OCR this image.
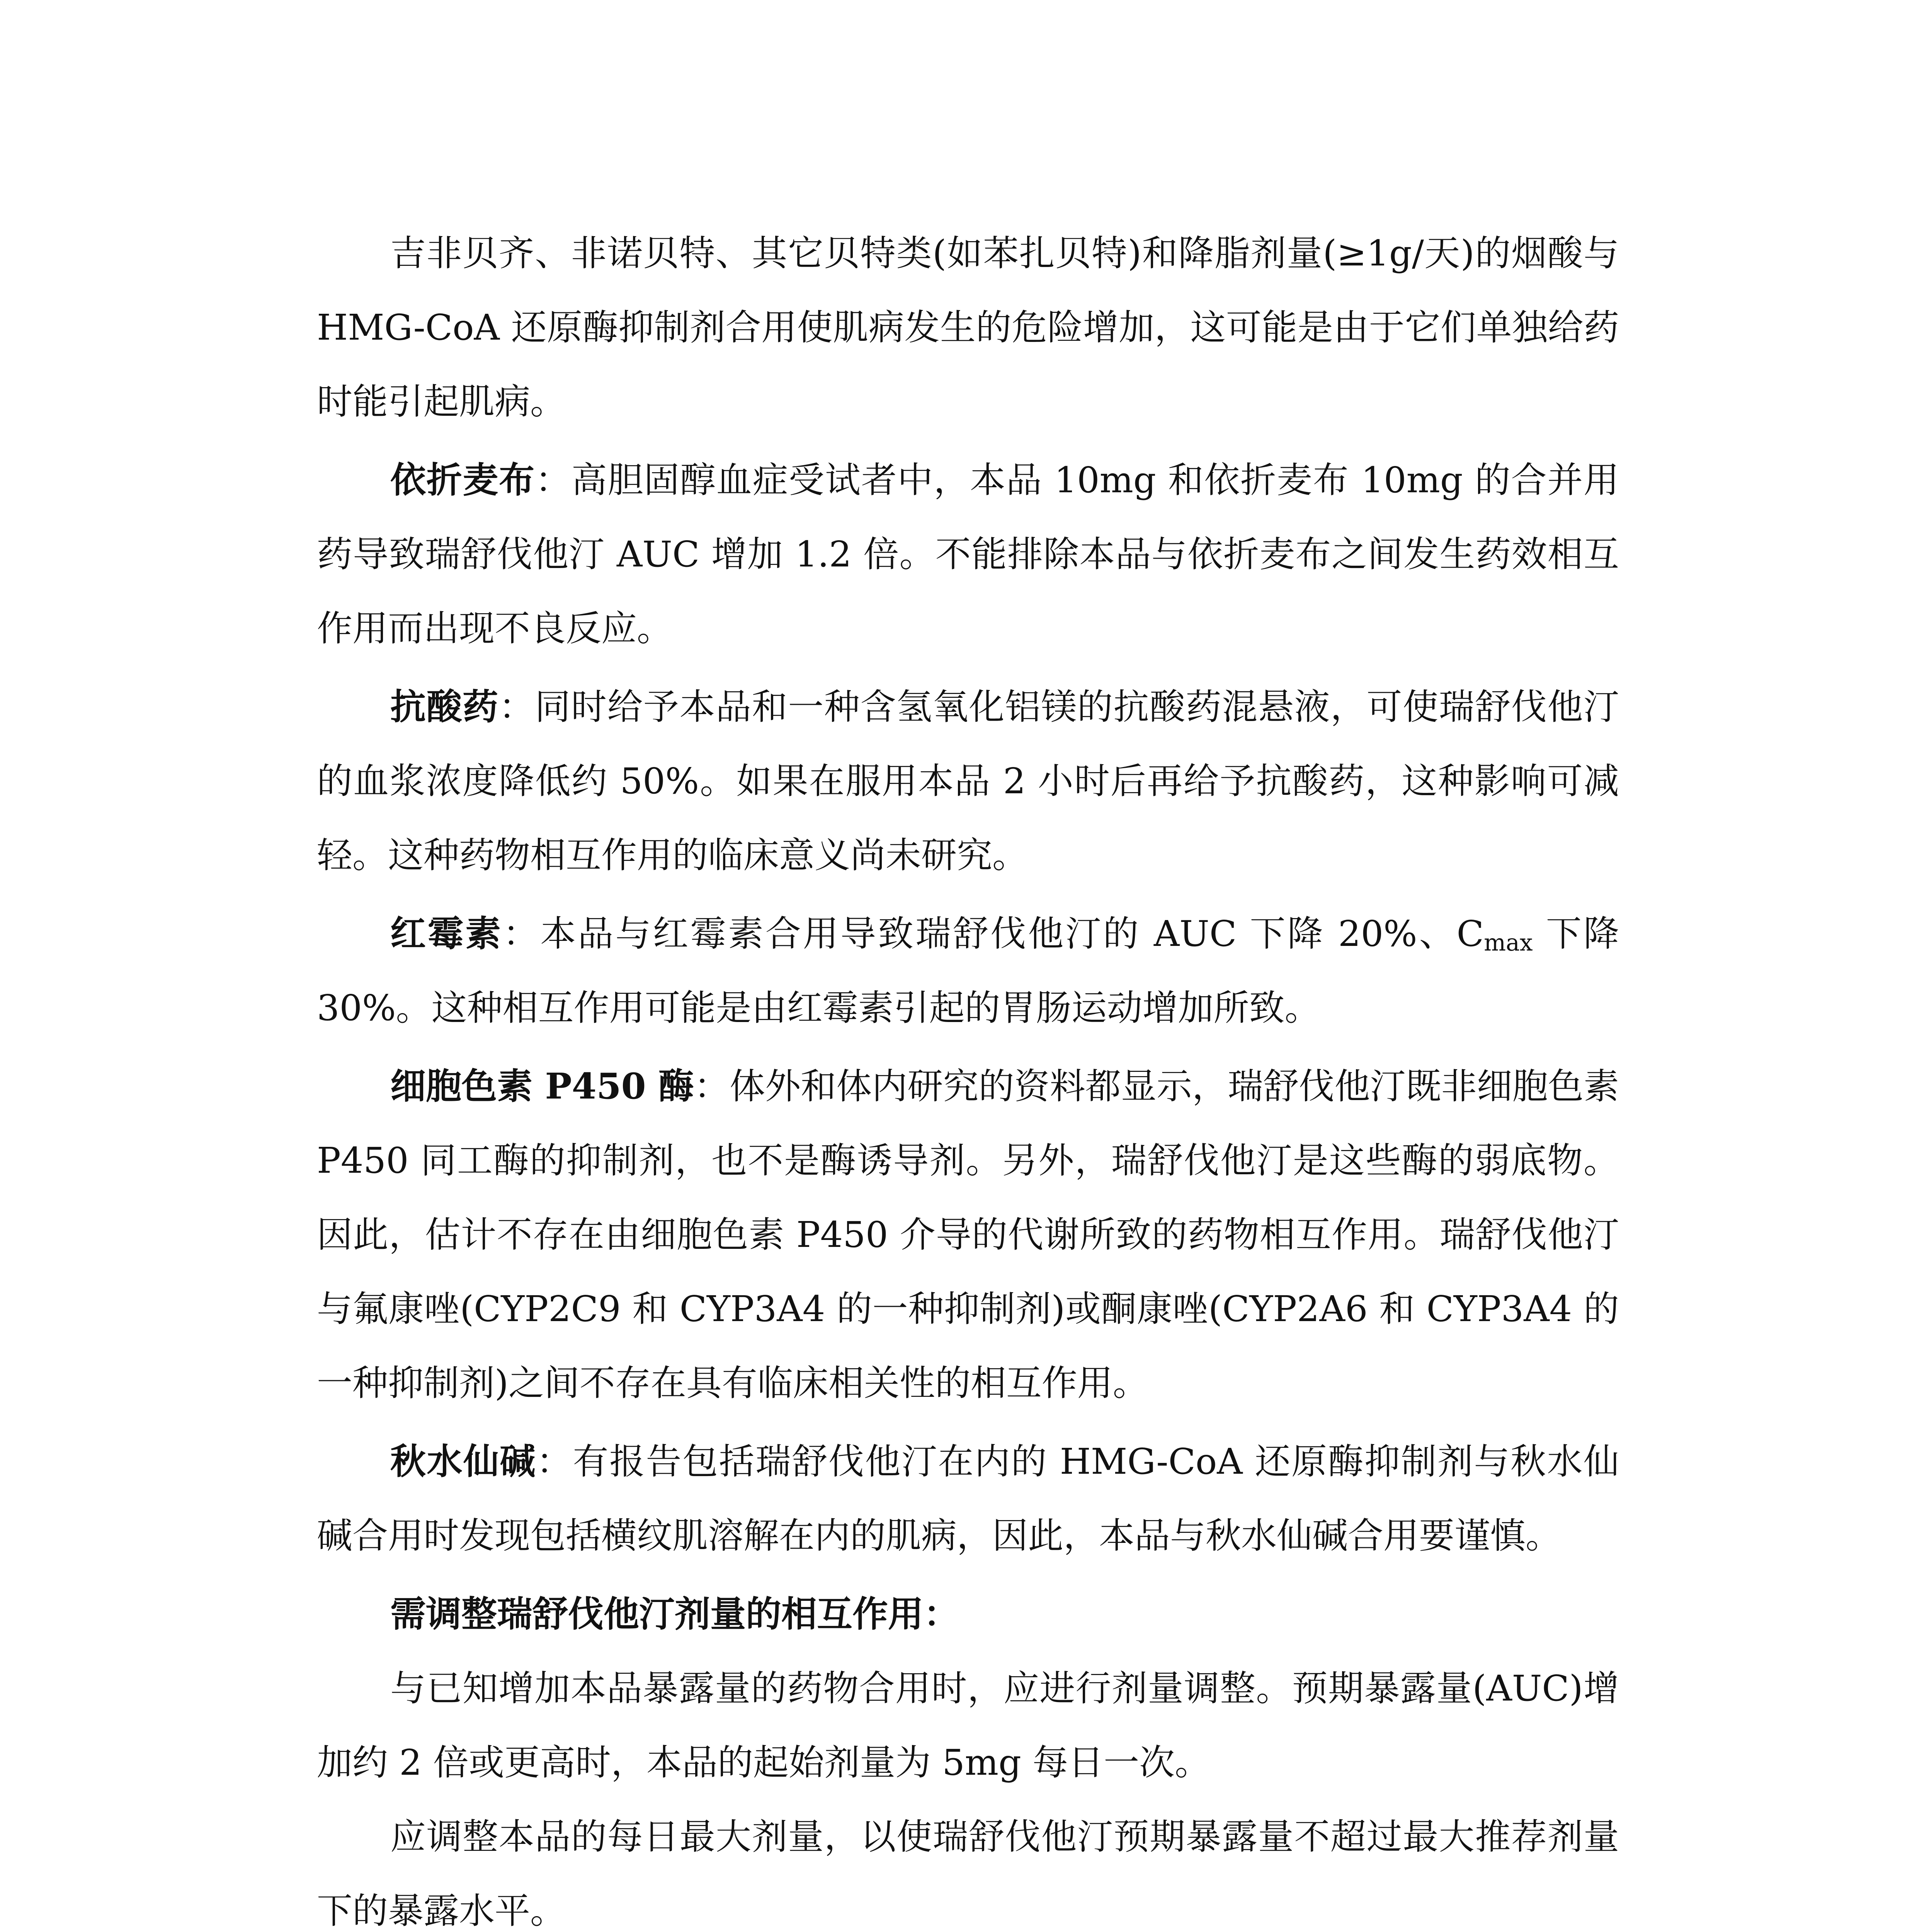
吉非贝齐、非诺贝特、其它贝特类(如苯扎贝特)和降脂剂量(≥1g/天)的烟酸与 HMG-CoA 还原酶抑制剂合用使肌病发生的危险增加，这可能是由于它们单独给药时能引起肌病。

依折麦布：高胆固醇血症受试者中，本品 10mg 和依折麦布 10mg 的合并用药导致瑞舒伐他汀 AUC 增加 1.2 倍。不能排除本品与依折麦布之间发生药效相互作用而出现不良反应。

抗酸药：同时给予本品和一种含氢氧化铝镁的抗酸药混悬液，可使瑞舒伐他汀的血浆浓度降低约 50%。如果在服用本品 2 小时后再给予抗酸药，这种影响可减轻。这种药物相互作用的临床意义尚未研究。

红霉素：本品与红霉素合用导致瑞舒伐他汀的 AUC 下降 20%、$C_{max}$ 下降 30%。这种相互作用可能是由红霉素引起的胃肠运动增加所致。

细胞色素 P450 酶：体外和体内研究的资料都显示，瑞舒伐他汀既非细胞色素 P450 同工酶的抑制剂，也不是酶诱导剂。另外，瑞舒伐他汀是这些酶的弱底物。因此，估计不存在由细胞色素 P450 介导的代谢所致的药物相互作用。瑞舒伐他汀与氟康唑(CYP2C9 和 CYP3A4 的一种抑制剂)或酮康唑(CYP2A6 和 CYP3A4 的一种抑制剂)之间不存在具有临床相关性的相互作用。

秋水仙碱：有报告包括瑞舒伐他汀在内的 HMG-CoA 还原酶抑制剂与秋水仙碱合用时发现包括横纹肌溶解在内的肌病，因此，本品与秋水仙碱合用要谨慎。

需调整瑞舒伐他汀剂量的相互作用：

与已知增加本品暴露量的药物合用时，应进行剂量调整。预期暴露量(AUC)增加约 2 倍或更高时，本品的起始剂量为 5mg 每日一次。

应调整本品的每日最大剂量，以使瑞舒伐他汀预期暴露量不超过最大推荐剂量下的暴露水平。
